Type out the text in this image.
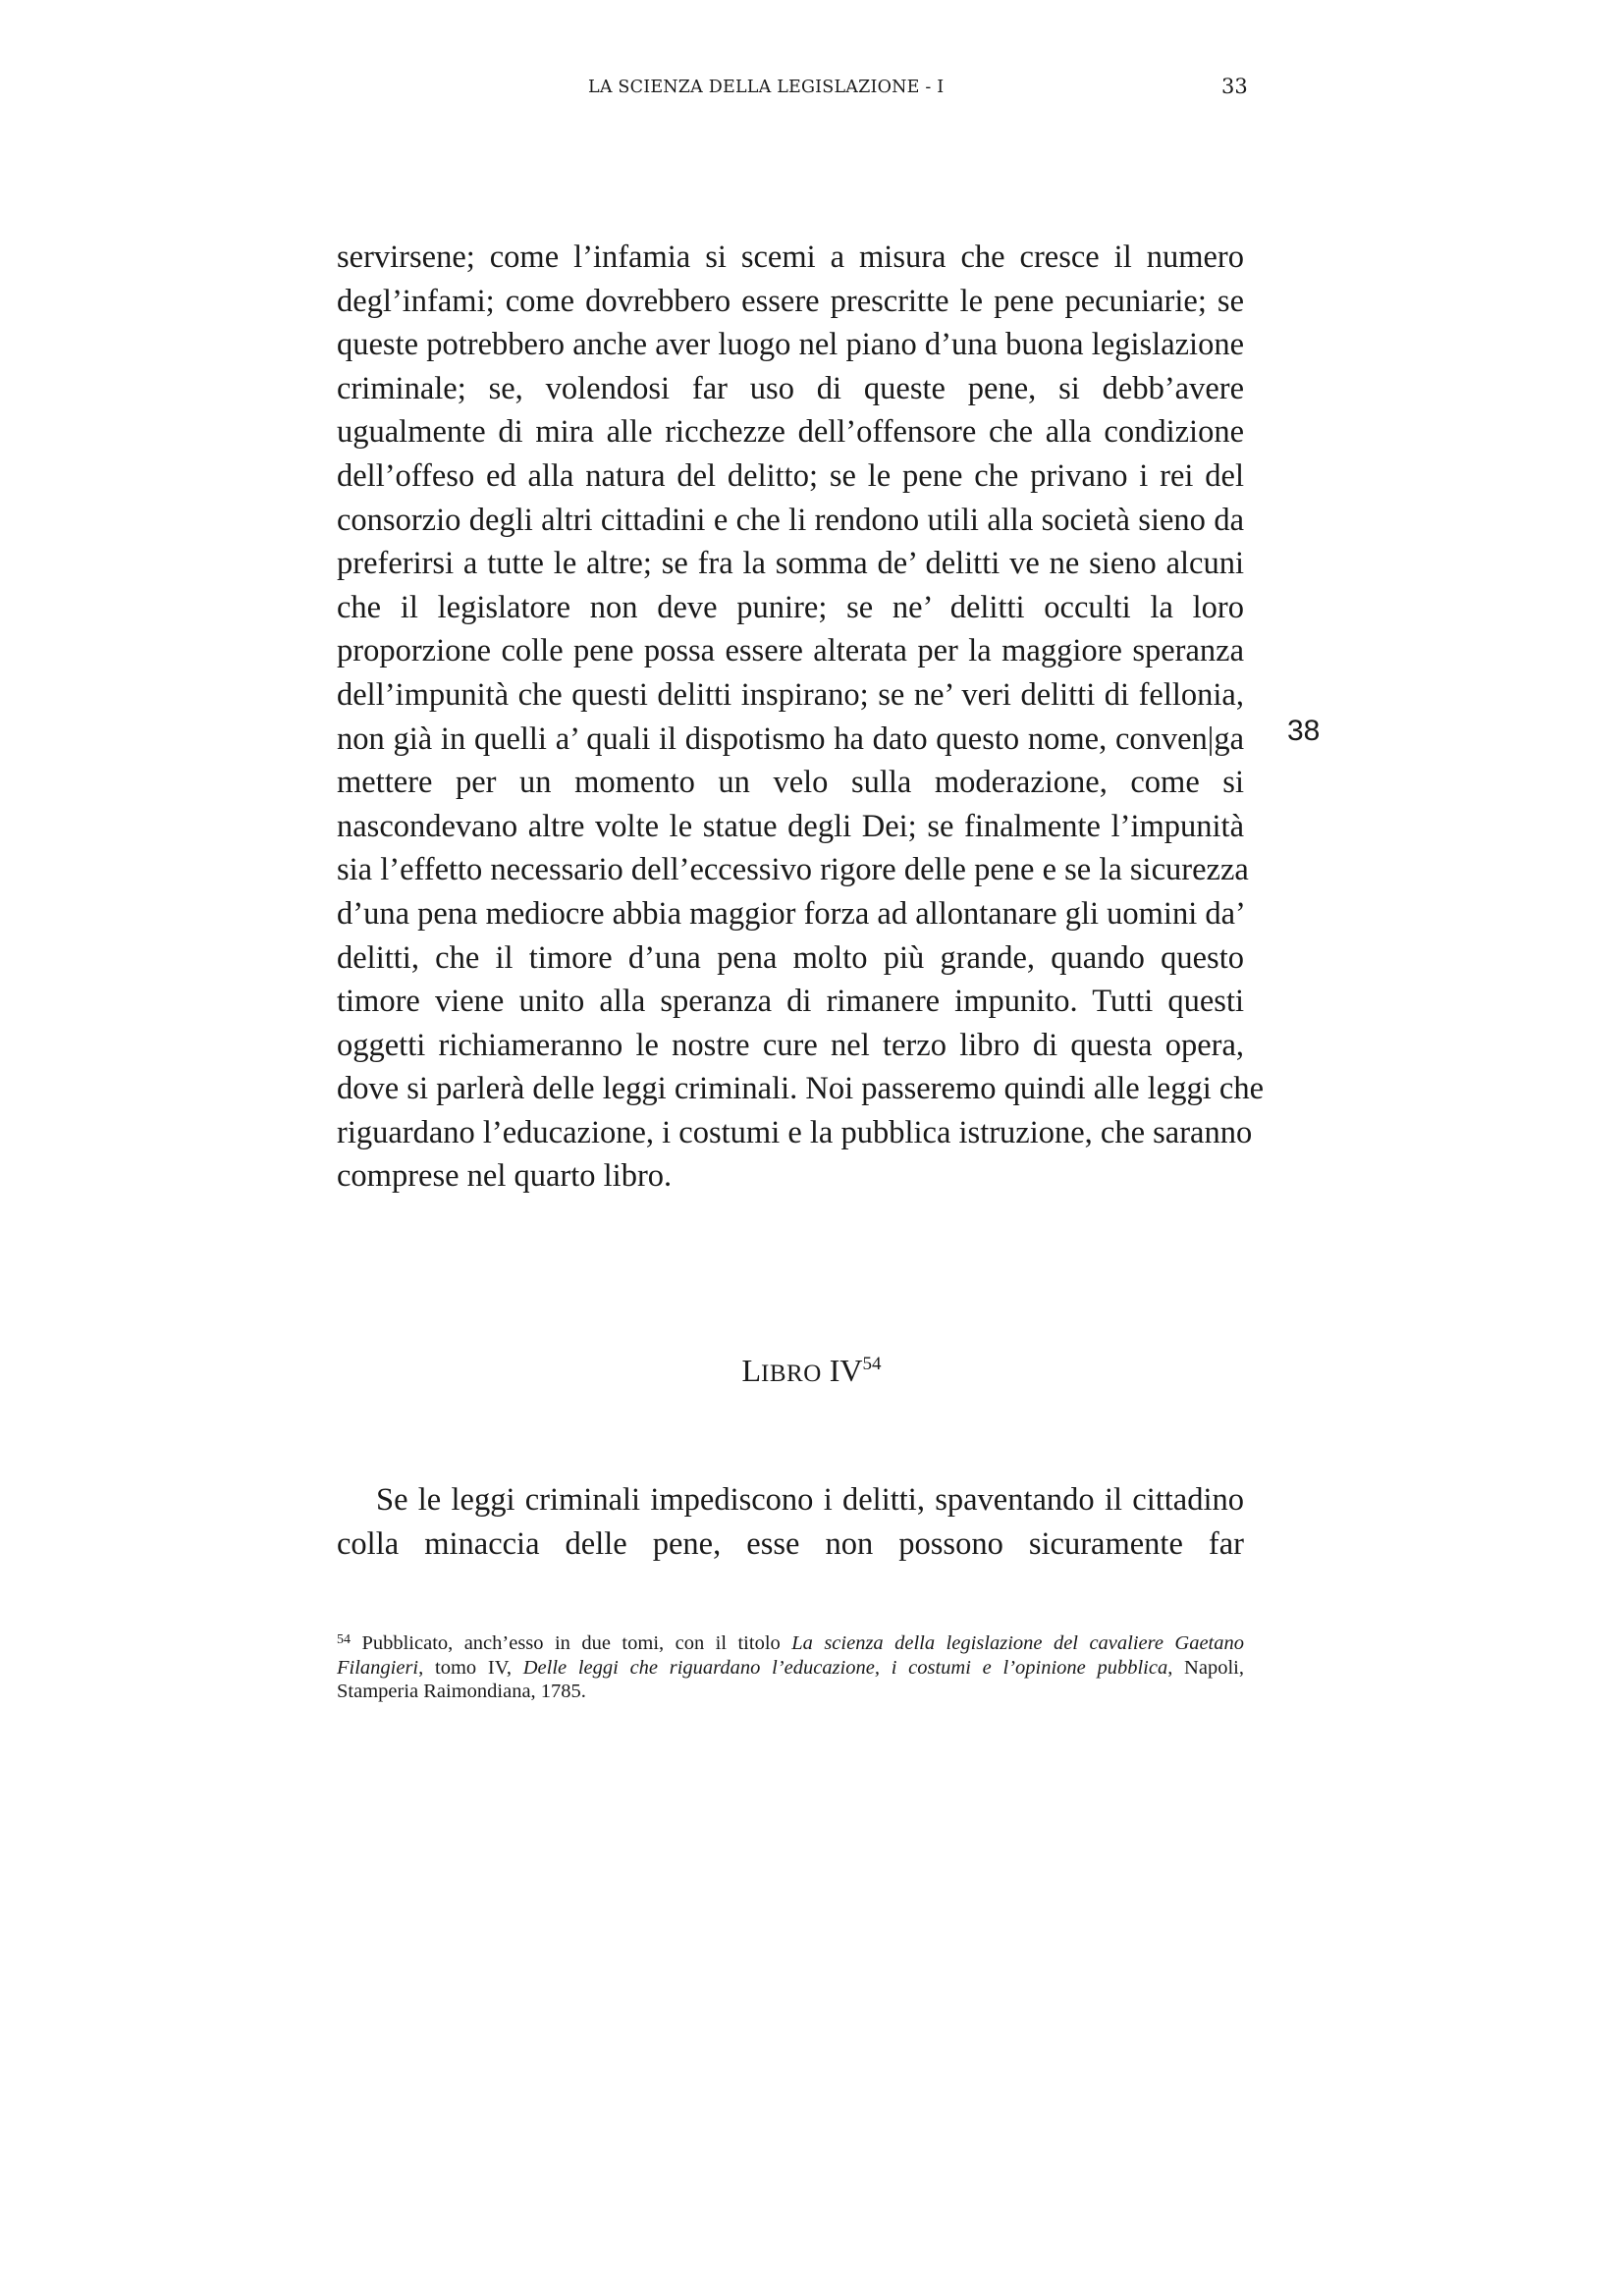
LA SCIENZA DELLA LEGISLAZIONE - I	33
servirsene; come l’infamia si scemi a misura che cresce il numero
degl’infami; come dovrebbero essere prescritte le pene pecuniarie; se
queste potrebbero anche aver luogo nel piano d’una buona legislazione
criminale; se, volendosi far uso di queste pene, si debb’avere
ugualmente di mira alle ricchezze dell’offensore che alla condizione
dell’offeso ed alla natura del delitto; se le pene che privano i rei del
consorzio degli altri cittadini e che li rendono utili alla società sieno da
preferirsi a tutte le altre; se fra la somma de’ delitti ve ne sieno alcuni
che il legislatore non deve punire; se ne’ delitti occulti la loro
proporzione colle pene possa essere alterata per la maggiore speranza
dell’impunità che questi delitti inspirano; se ne’ veri delitti di fellonia,
non già in quelli a’ quali il dispotismo ha dato questo nome, conven|ga
mettere per un momento un velo sulla moderazione, come si
nascondevano altre volte le statue degli Dei; se finalmente l’impunità
sia l’effetto necessario dell’eccessivo rigore delle pene e se la sicurezza
d’una pena mediocre abbia maggior forza ad allontanare gli uomini da’
delitti, che il timore d’una pena molto più grande, quando questo
timore viene unito alla speranza di rimanere impunito. Tutti questi
oggetti richiameranno le nostre cure nel terzo libro di questa opera,
dove si parlerà delle leggi criminali. Noi passeremo quindi alle leggi che
riguardano l’educazione, i costumi e la pubblica istruzione, che saranno
comprese nel quarto libro.
38
LIBRO IV$^{54}$
Se le leggi criminali impediscono i delitti, spaventando il cittadino
colla minaccia delle pene, esse non possono sicuramente far
$^{54}$ Pubblicato, anch’esso in due tomi, con il titolo La scienza della legislazione del cavaliere Gaetano
Filangieri, tomo IV, Delle leggi che riguardano l’educazione, i costumi e l’opinione pubblica, Napoli,
Stamperia Raimondiana, 1785.
